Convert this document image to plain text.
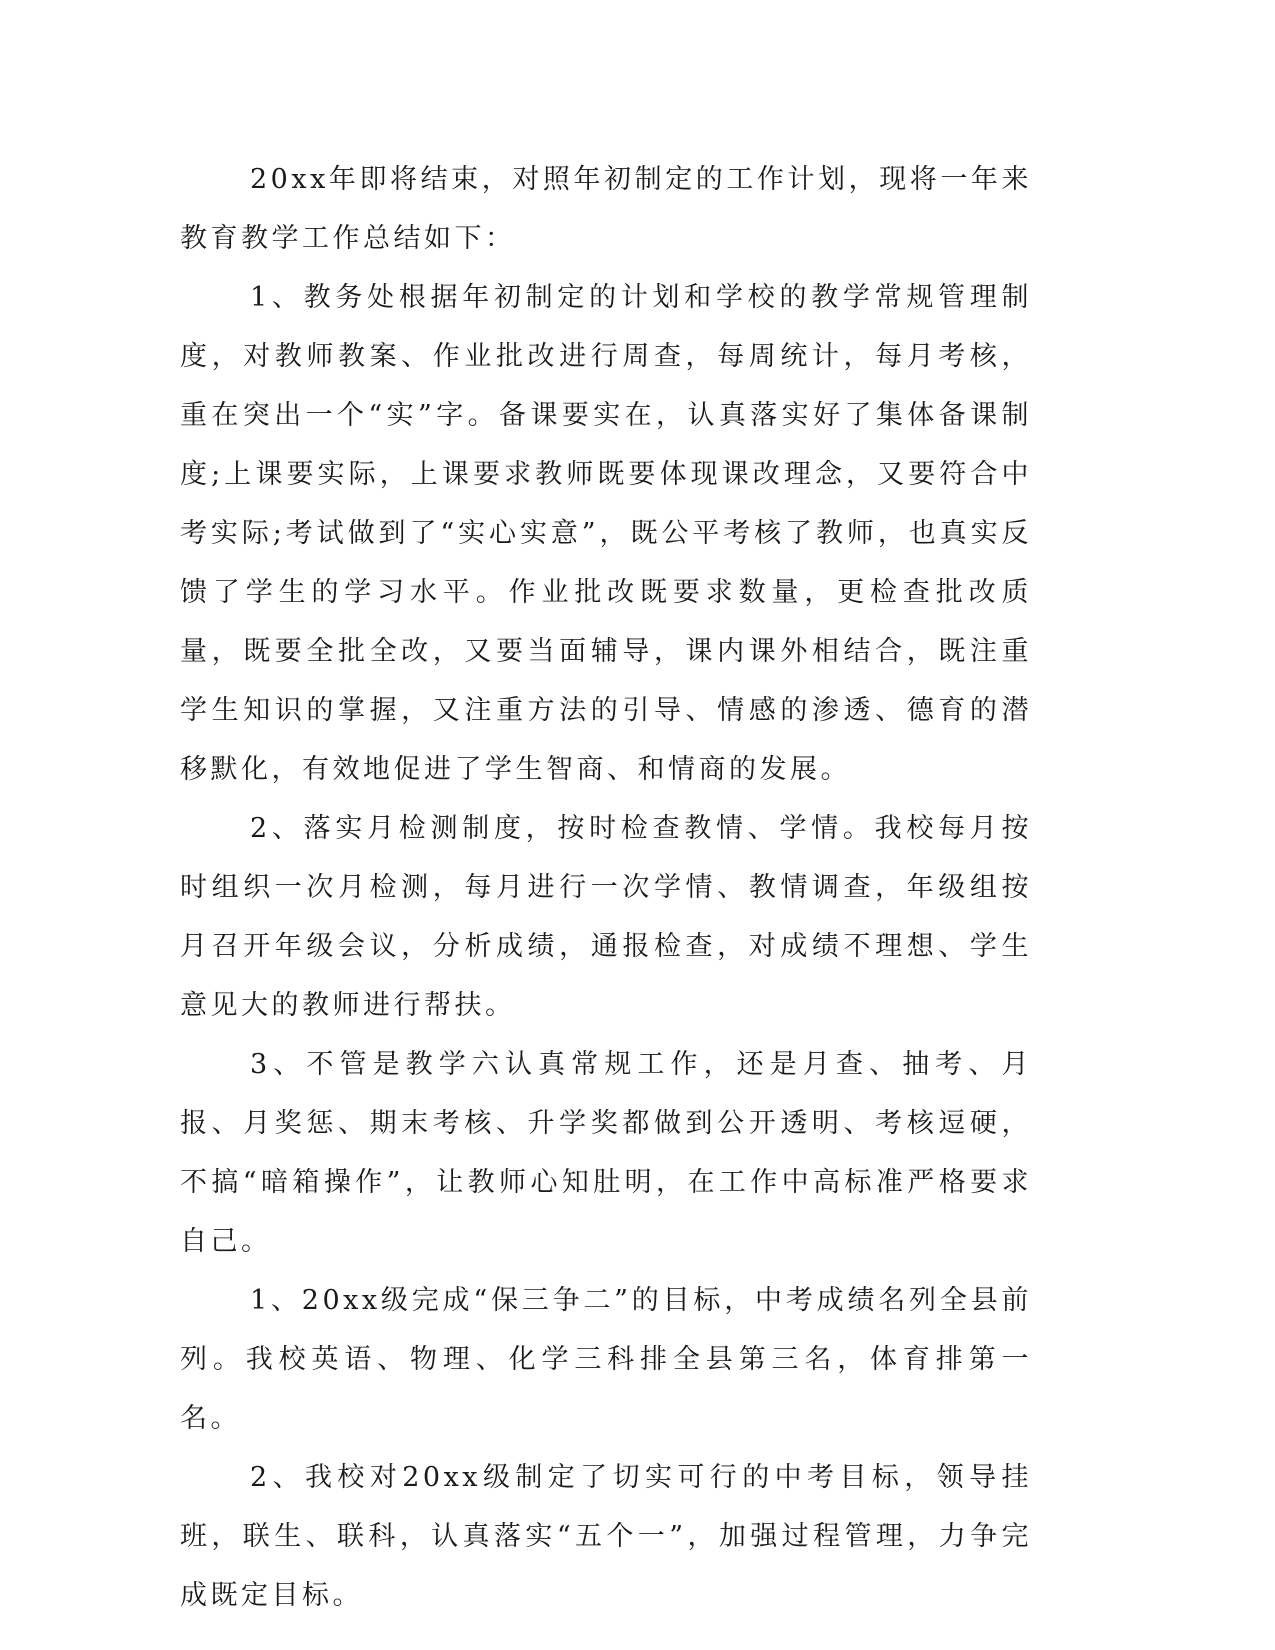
20xx年即将结束，对照年初制定的工作计划，现将一年来教育教学工作总结如下：

1、教务处根据年初制定的计划和学校的教学常规管理制度，对教师教案、作业批改进行周查，每周统计，每月考核，重在突出一个“实”字。备课要实在，认真落实好了集体备课制度;上课要实际，上课要求教师既要体现课改理念，又要符合中考实际;考试做到了“实心实意”，既公平考核了教师，也真实反馈了学生的学习水平。作业批改既要求数量，更检查批改质量，既要全批全改，又要当面辅导，课内课外相结合，既注重学生知识的掌握，又注重方法的引导、情感的渗透、德育的潜移默化，有效地促进了学生智商、和情商的发展。

2、落实月检测制度，按时检查教情、学情。我校每月按时组织一次月检测，每月进行一次学情、教情调查，年级组按月召开年级会议，分析成绩，通报检查，对成绩不理想、学生意见大的教师进行帮扶。

3、不管是教学六认真常规工作，还是月查、抽考、月报、月奖惩、期末考核、升学奖都做到公开透明、考核逗硬，不搞“暗箱操作”，让教师心知肚明，在工作中高标准严格要求自己。

1、20xx级完成“保三争二”的目标，中考成绩名列全县前列。我校英语、物理、化学三科排全县第三名，体育排第一名。

2、我校对20xx级制定了切实可行的中考目标，领导挂班，联生、联科，认真落实“五个一”，加强过程管理，力争完成既定目标。
